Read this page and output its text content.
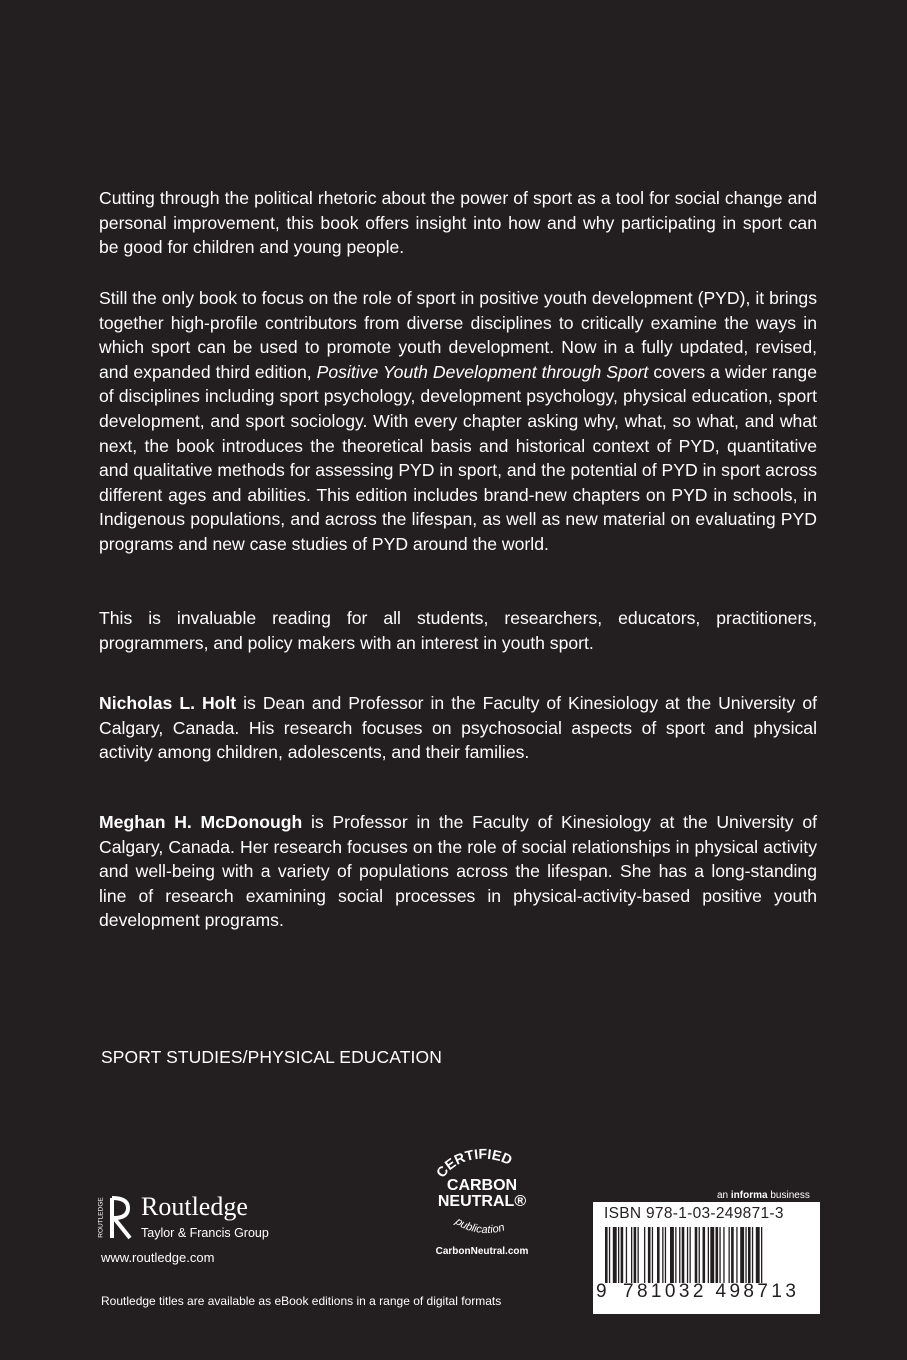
Cutting through the political rhetoric about the power of sport as a tool for social change and personal improvement, this book offers insight into how and why participating in sport can be good for children and young people.

Still the only book to focus on the role of sport in positive youth development (PYD), it brings together high-profile contributors from diverse disciplines to critically examine the ways in which sport can be used to promote youth development. Now in a fully updated, revised, and expanded third edition, Positive Youth Development through Sport covers a wider range of disciplines including sport psychology, development psychology, physical education, sport development, and sport sociology. With every chapter asking why, what, so what, and what next, the book introduces the theoretical basis and historical context of PYD, quantitative and qualitative methods for assessing PYD in sport, and the potential of PYD in sport across different ages and abilities. This edition includes brand-new chapters on PYD in schools, in Indigenous populations, and across the lifespan, as well as new material on evaluating PYD programs and new case studies of PYD around the world.

This is invaluable reading for all students, researchers, educators, practitioners, programmers, and policy makers with an interest in youth sport.

Nicholas L. Holt is Dean and Professor in the Faculty of Kinesiology at the University of Calgary, Canada. His research focuses on psychosocial aspects of sport and physical activity among children, adolescents, and their families.

Meghan H. McDonough is Professor in the Faculty of Kinesiology at the University of Calgary, Canada. Her research focuses on the role of social relationships in physical activity and well-being with a variety of populations across the lifespan. She has a long-standing line of research examining social processes in physical-activity-based positive youth development programs.

SPORT STUDIES/PHYSICAL EDUCATION
ROUTLEDGE Routledge
Taylor & Francis Group
www.routledge.com
Routledge titles are available as eBook editions in a range of digital formats
CERTIFIED
publication
CARBON
NEUTRAL®
CarbonNeutral.com
an informa business
ISBN 978-1-03-249871-3
9 781032 498713
